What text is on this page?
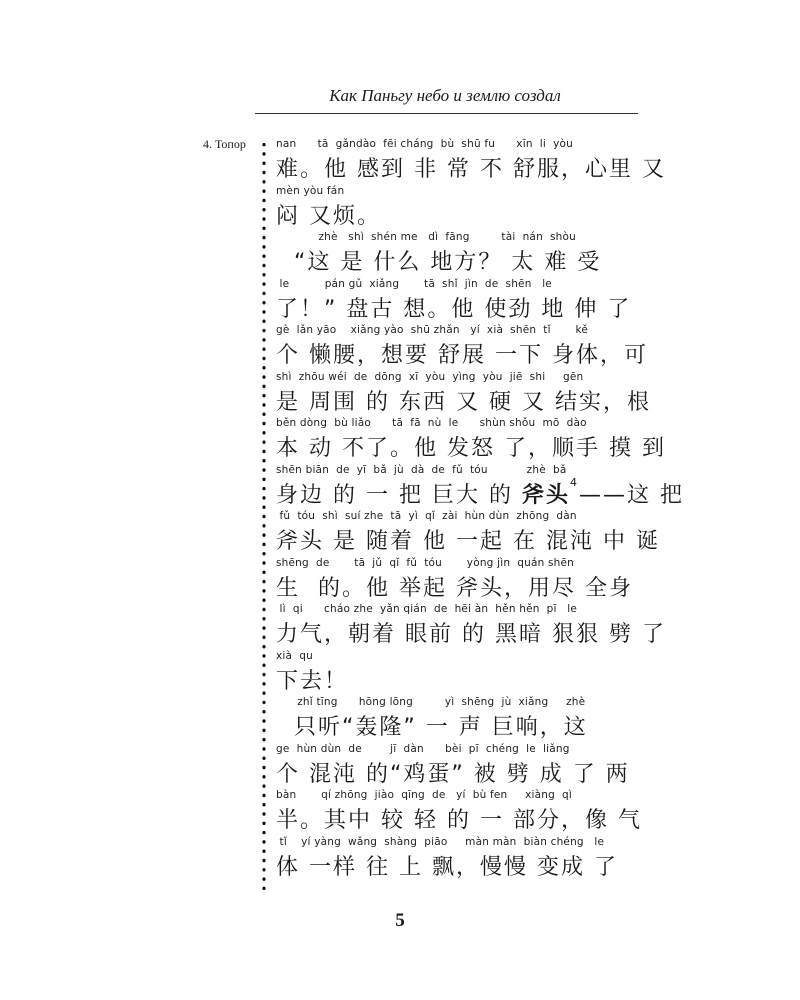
Как Паньгу небо и землю создал
4. Топор	nan      tā  gǎndào  fēi cháng  bù  shū fu      xīn  li  yòu
难。他 感到 非 常 不 舒服，心里 又
mèn yòu fán
闷 又烦。
zhè   shì  shén me   dì  fāng         tài  nán  shòu
“这 是 什么 地方？ 太 难 受
le          pán gǔ  xiǎng       tā  shǐ  jìn  de  shēn   le
了！” 盘古 想。他 使劲 地 伸 了
gè  lǎn yāo    xiǎng yào  shū zhǎn   yí  xià  shēn  tǐ       kě
个 懒腰，想要 舒展 一下 身体，可
shì  zhōu wéi  de  dōng  xī  yòu  yìng  yòu  jiē  shi     gēn
是 周围 的 东西 又 硬 又 结实，根
běn dòng  bù liǎo      tā  fā  nù  le      shùn shǒu  mō  dào
本 动 不了。他 发怒 了，顺手 摸 到
shēn biān  de  yī  bǎ  jù  dà  de  fǔ  tóu           zhè  bǎ
身边 的 一 把 巨大 的 斧头$^4$——这 把
fǔ  tóu  shì  suí zhe  tā  yì  qǐ  zài  hùn dùn  zhōng  dàn
斧头 是 随着 他 一起 在 混沌 中 诞
shēng  de       tā  jǔ  qǐ  fǔ  tóu       yòng jìn  quán shēn
生  的。他 举起 斧头，用尽 全身
lì  qi      cháo zhe  yǎn qián  de  hēi àn  hěn hěn  pī   le
力气，朝着 眼前 的 黑暗 狠狠 劈 了
xià  qu
下去！
zhǐ tīng      hōng lōng         yì  shēng  jù  xiǎng     zhè
只听“轰隆” 一 声 巨响，这
ge  hùn dùn  de        jī  dàn      bèi  pī  chéng  le  liǎng
个 混沌 的“鸡蛋” 被 劈 成 了 两
bàn       qí zhōng  jiào  qīng  de   yí  bù fen     xiàng  qì
半。其中 较 轻 的 一 部分，像 气
tǐ    yí yàng  wǎng  shàng  piāo     màn màn  biàn chéng   le
体 一样 往 上 飘，慢慢 变成 了
5
